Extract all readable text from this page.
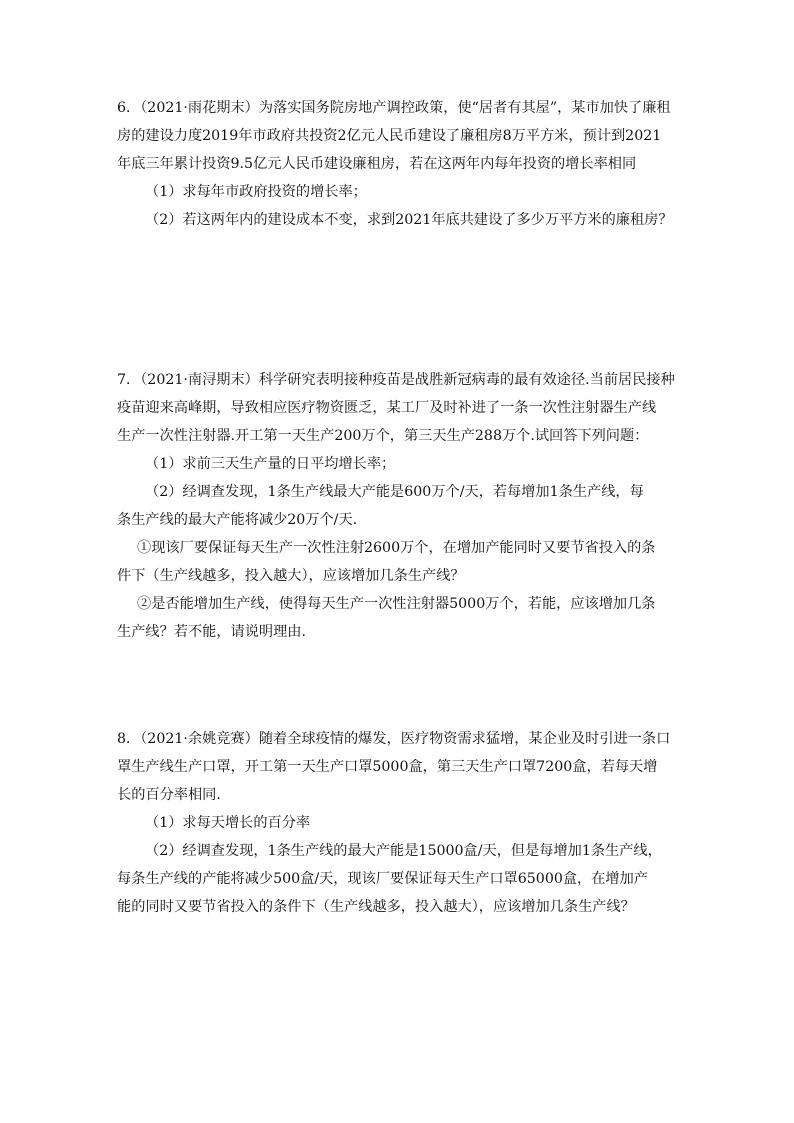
6．（2021·雨花期末）为落实国务院房地产调控政策，使“居者有其屋”，某市加快了廉租
房的建设力度2019年市政府共投资2亿元人民币建设了廉租房8万平方米，预计到2021
年底三年累计投资9.5亿元人民币建设廉租房，若在这两年内每年投资的增长率相同
（1）求每年市政府投资的增长率；
（2）若这两年内的建设成本不变，求到2021年底共建设了多少万平方米的廉租房？
7．（2021·南浔期末）科学研究表明接种疫苗是战胜新冠病毒的最有效途径.当前居民接种
疫苗迎来高峰期，导致相应医疗物资匮乏，某工厂及时补进了一条一次性注射器生产线
生产一次性注射器.开工第一天生产200万个，第三天生产288万个.试回答下列问题：
（1）求前三天生产量的日平均增长率；
（2）经调查发现，1条生产线最大产能是600万个/天，若每增加1条生产线，每
条生产线的最大产能将减少20万个/天.
①现该厂要保证每天生产一次性注射2600万个，在增加产能同时又要节省投入的条
件下（生产线越多，投入越大），应该增加几条生产线？
②是否能增加生产线，使得每天生产一次性注射器5000万个，若能，应该增加几条
生产线？若不能，请说明理由.
8．（2021·余姚竞赛）随着全球疫情的爆发，医疗物资需求猛增，某企业及时引进一条口
罩生产线生产口罩，开工第一天生产口罩5000盒，第三天生产口罩7200盒，若每天增
长的百分率相同.
（1）求每天增长的百分率
（2）经调查发现，1条生产线的最大产能是15000盒/天，但是每增加1条生产线，
每条生产线的产能将减少500盒/天，现该厂要保证每天生产口罩65000盒，在增加产
能的同时又要节省投入的条件下（生产线越多，投入越大），应该增加几条生产线？
